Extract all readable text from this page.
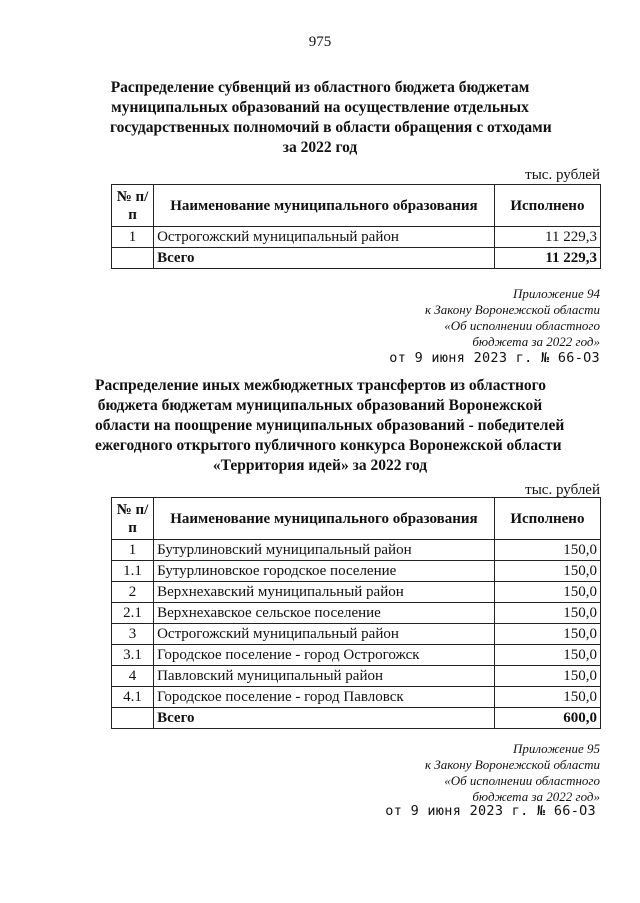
975
Распределение субвенций из областного бюджета бюджетам
муниципальных образований на осуществление отдельных
государственных полномочий в области обращения с отходами
за 2022 год
тыс. рублей
№ п/п	Наименование муниципального образования	Исполнено
1	Острогожский муниципальный район	11 229,3
	Всего	11 229,3
Приложение 94
к Закону Воронежской области
«Об исполнении областного
бюджета за 2022 год»
от 9 июня 2023 г. № 66-ОЗ
Распределение иных межбюджетных трансфертов из областного
бюджета бюджетам муниципальных образований Воронежской
области на поощрение муниципальных образований - победителей
ежегодного открытого публичного конкурса Воронежской области
«Территория идей» за 2022 год
тыс. рублей
№ п/п	Наименование муниципального образования	Исполнено
1	Бутурлиновский муниципальный район	150,0
1.1	Бутурлиновское городское поселение	150,0
2	Верхнехавский муниципальный район	150,0
2.1	Верхнехавское сельское поселение	150,0
3	Острогожский муниципальный район	150,0
3.1	Городское поселение - город Острогожск	150,0
4	Павловский муниципальный район	150,0
4.1	Городское поселение - город Павловск	150,0
	Всего	600,0
Приложение 95
к Закону Воронежской области
«Об исполнении областного
бюджета за 2022 год»
от 9 июня 2023 г. № 66-ОЗ
